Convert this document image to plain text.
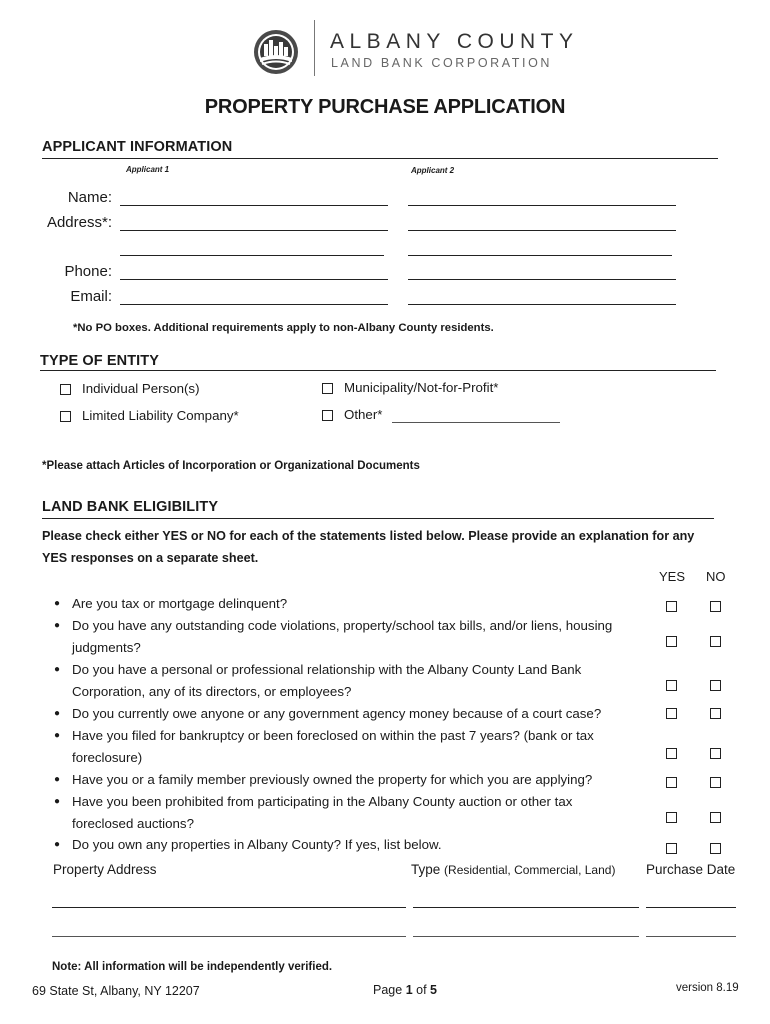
ALBANY COUNTY
LAND BANK CORPORATION
PROPERTY PURCHASE APPLICATION
APPLICANT INFORMATION
Applicant 1	Applicant 2
Name:
Address*:
Phone:
Email:
*No PO boxes. Additional requirements apply to non-Albany County residents.
TYPE OF ENTITY
Individual Person(s)
Limited Liability Company*
Municipality/Not-for-Profit*
Other*
*Please attach Articles of Incorporation or Organizational Documents
LAND BANK ELIGIBILITY
Please check either YES or NO for each of the statements listed below. Please provide an explanation for any YES responses on a separate sheet.
YES NO
● Are you tax or mortgage delinquent?
● Do you have any outstanding code violations, property/school tax bills, and/or liens, housing judgments?
● Do you have a personal or professional relationship with the Albany County Land Bank Corporation, any of its directors, or employees?
● Do you currently owe anyone or any government agency money because of a court case?
● Have you filed for bankruptcy or been foreclosed on within the past 7 years? (bank or tax foreclosure)
● Have you or a family member previously owned the property for which you are applying?
● Have you been prohibited from participating in the Albany County auction or other tax foreclosed auctions?
● Do you own any properties in Albany County? If yes, list below.
Property Address	Type (Residential, Commercial, Land) Purchase Date
Note: All information will be independently verified.
69 State St, Albany, NY 12207	Page 1 of 5	version 8.19
